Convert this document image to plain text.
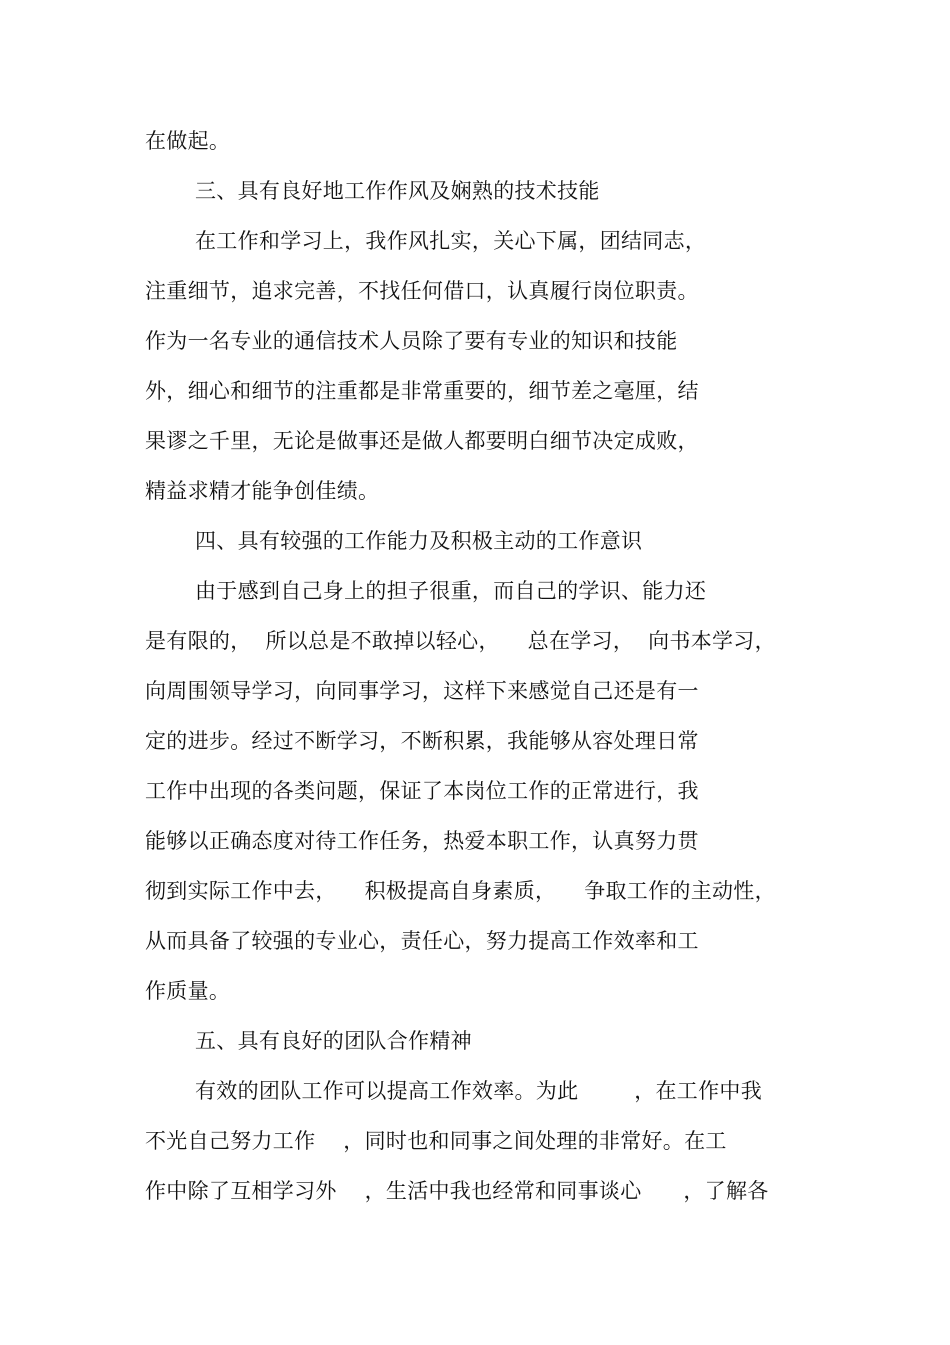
在做起。
三、具有良好地工作作风及娴熟的技术技能
在工作和学习上，我作风扎实，关心下属，团结同志，
注重细节，追求完善，不找任何借口，认真履行岗位职责。
作为一名专业的通信技术人员除了要有专业的知识和技能
外，细心和细节的注重都是非常重要的，细节差之毫厘，结
果谬之千里，无论是做事还是做人都要明白细节决定成败，
精益求精才能争创佳绩。
四、具有较强的工作能力及积极主动的工作意识
由于感到自己身上的担子很重，而自己的学识、能力还
是有限的，  所以总是不敢掉以轻心，    总在学习，  向书本学习，
向周围领导学习，向同事学习，这样下来感觉自己还是有一
定的进步。经过不断学习，不断积累，我能够从容处理日常
工作中出现的各类问题，保证了本岗位工作的正常进行，我
能够以正确态度对待工作任务，热爱本职工作，认真努力贯
彻到实际工作中去，    积极提高自身素质，    争取工作的主动性，
从而具备了较强的专业心，责任心，努力提高工作效率和工
作质量。
五、具有良好的团队合作精神
有效的团队工作可以提高工作效率。为此        ，在工作中我
不光自己努力工作    ，同时也和同事之间处理的非常好。在工
作中除了互相学习外    ，生活中我也经常和同事谈心      ，了解各
